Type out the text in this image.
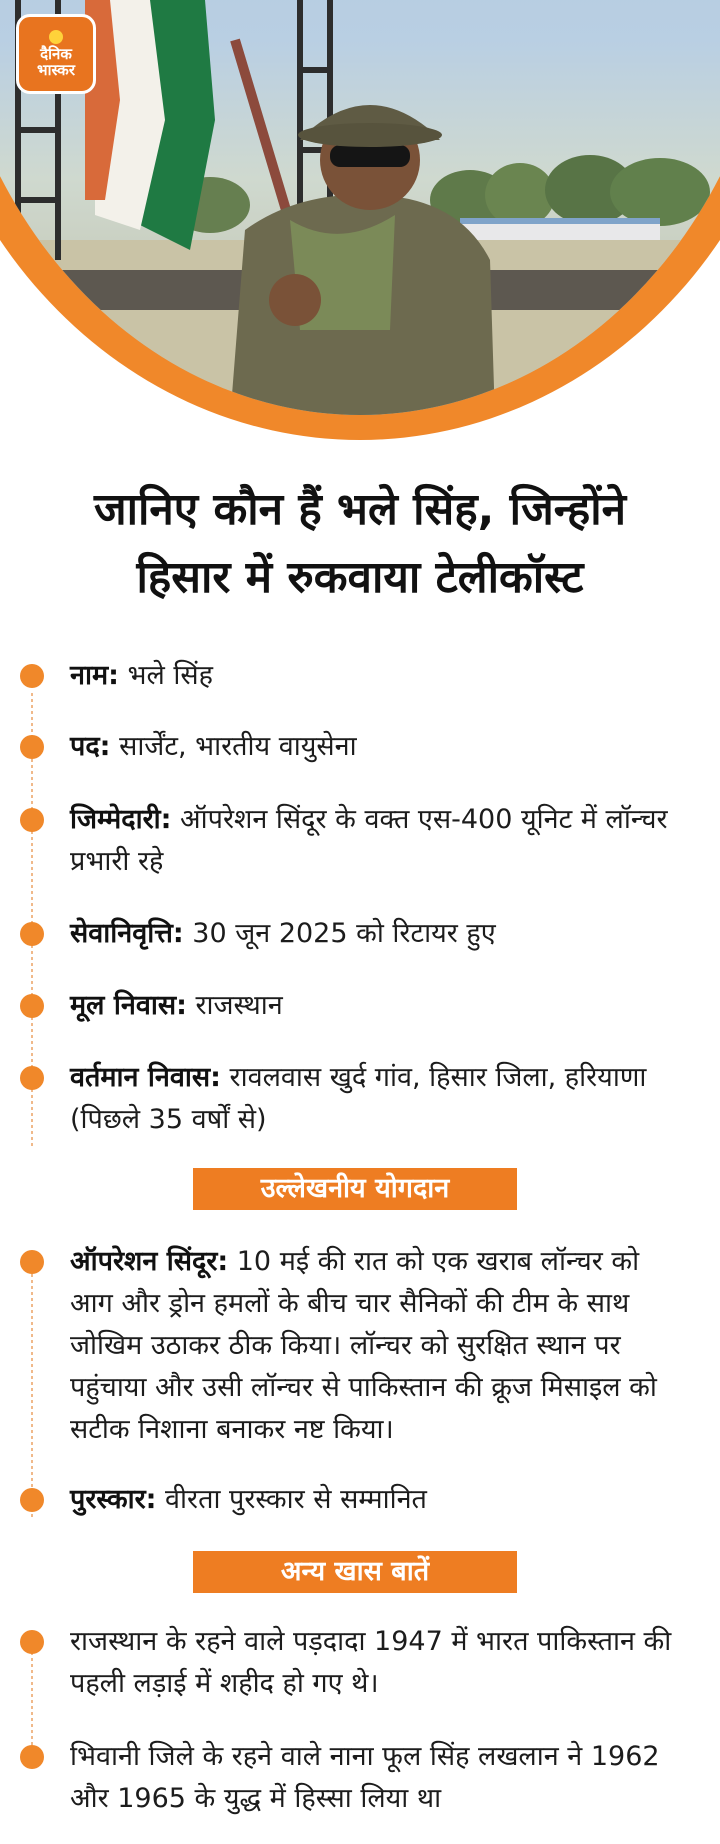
दैनिक
भास्कर
जानिए कौन हैं भले सिंह, जिन्होंने
हिसार में रुकवाया टेलीकॉस्ट
नाम: भले सिंह
पद: सार्जेंट, भारतीय वायुसेना
जिम्मेदारी: ऑपरेशन सिंदूर के वक्त एस-400 यूनिट में लॉन्चर प्रभारी रहे
सेवानिवृत्ति: 30 जून 2025 को रिटायर हुए
मूल निवास: राजस्थान
वर्तमान निवास: रावलवास खुर्द गांव, हिसार जिला, हरियाणा (पिछले 35 वर्षों से)
उल्लेखनीय योगदान
ऑपरेशन सिंदूर: 10 मई की रात को एक खराब लॉन्चर को आग और ड्रोन हमलों के बीच चार सैनिकों की टीम के साथ जोखिम उठाकर ठीक किया। लॉन्चर को सुरक्षित स्थान पर पहुंचाया और उसी लॉन्चर से पाकिस्तान की क्रूज मिसाइल को सटीक निशाना बनाकर नष्ट किया।
पुरस्कार: वीरता पुरस्कार से सम्मानित
अन्य खास बातें
राजस्थान के रहने वाले पड़दादा 1947 में भारत पाकिस्तान की पहली लड़ाई में शहीद हो गए थे।
भिवानी जिले के रहने वाले नाना फूल सिंह लखलान ने 1962 और 1965 के युद्ध में हिस्सा लिया था
